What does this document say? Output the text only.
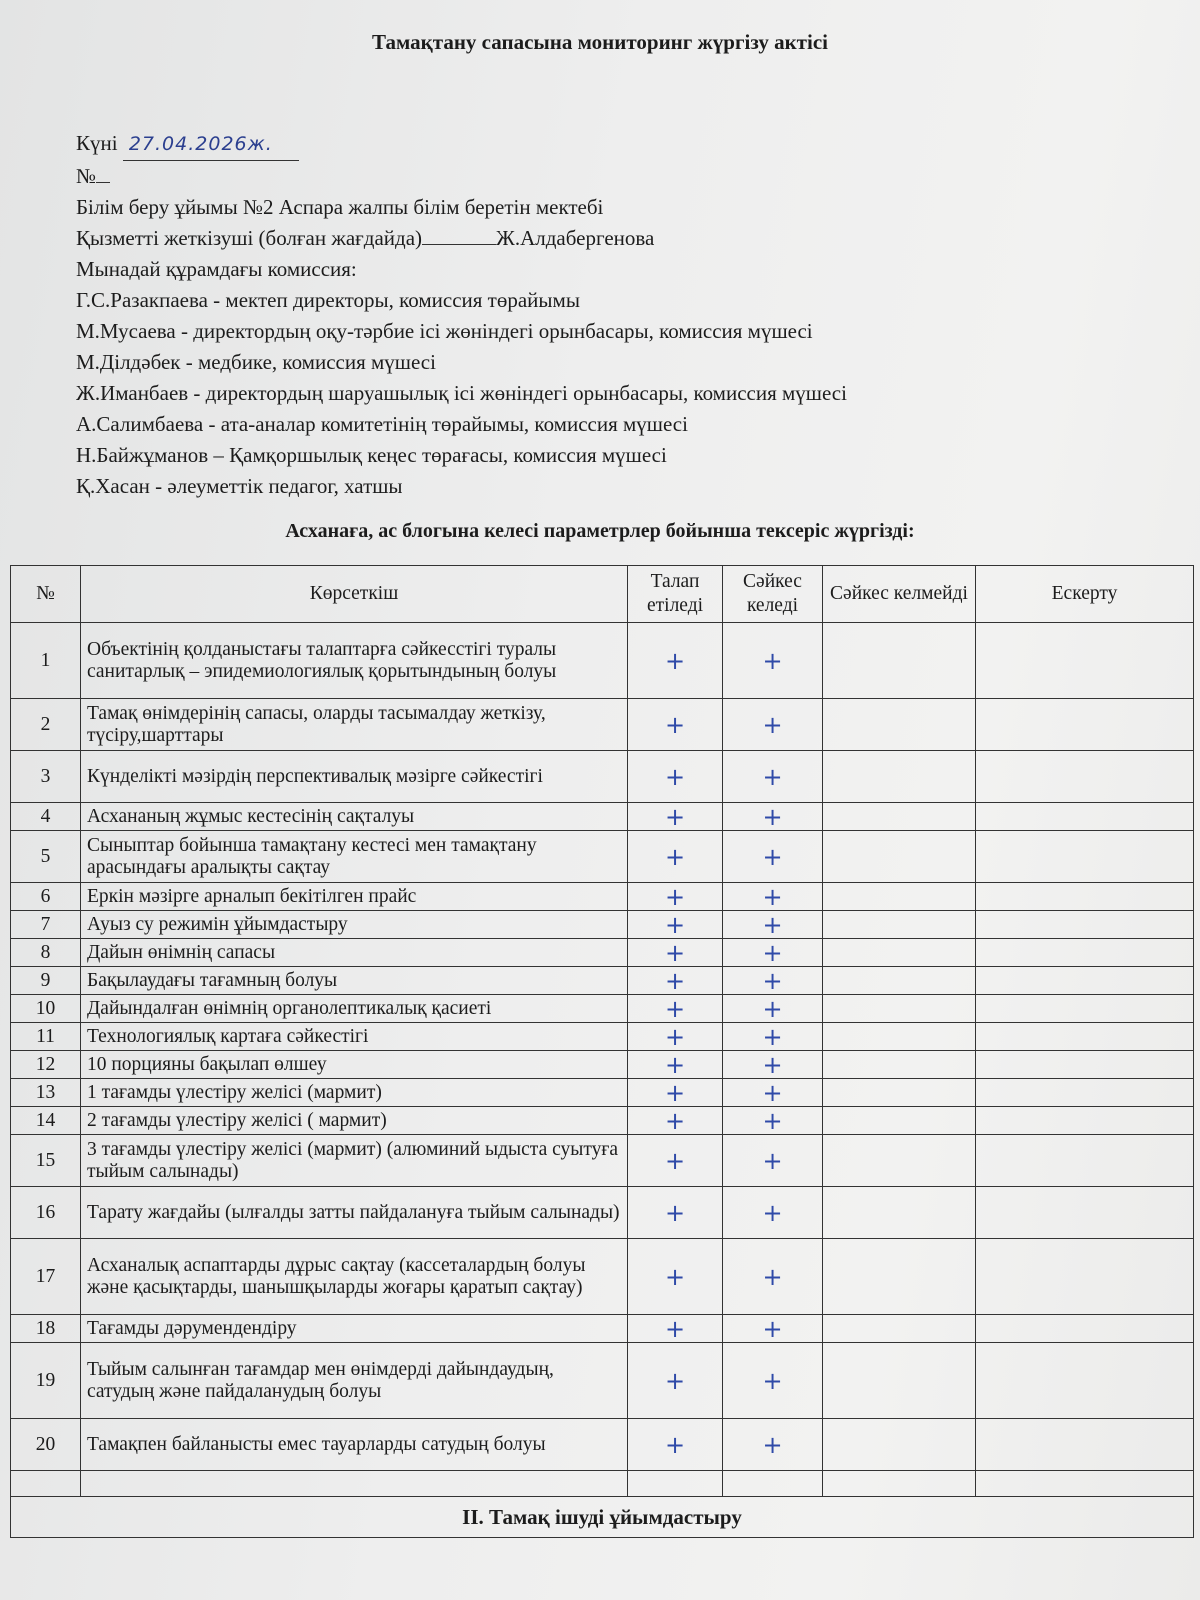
Тамақтану сапасына мониторинг жүргізу актісі
Күні 27.04.2026ж.
№
Білім беру ұйымы №2 Аспара жалпы білім беретін мектебі
Қызметті жеткізуші (болған жағдайда)	Ж.Алдабергенова
Мынадай құрамдағы комиссия:
Г.С.Разакпаева - мектеп директоры, комиссия төрайымы
М.Мусаева - директордың оқу-тәрбие ісі жөніндегі орынбасары, комиссия мүшесі
М.Ділдәбек - медбике, комиссия мүшесі
Ж.Иманбаев - директордың шаруашылық ісі жөніндегі орынбасары, комиссия мүшесі
А.Салимбаева - ата-аналар комитетінің төрайымы, комиссия мүшесі
Н.Байжұманов – Қамқоршылық кеңес төрағасы, комиссия мүшесі
Қ.Хасан - әлеуметтік педагог, хатшы
Асханаға, ас блогына келесі параметрлер бойынша тексеріс жүргізді:
№	Көрсеткіш	Талап етіледі	Сәйкес келеді	Сәйкес келмейді	Ескерту
1	Объектінің қолданыстағы талаптарға сәйкесстігі туралы санитарлық – эпидемиологиялық қорытындының болуы	+	+		
2	Тамақ өнімдерінің сапасы, оларды тасымалдау жеткізу, түсіру,шарттары	+	+		
3	Күнделікті мәзірдің перспективалық мәзірге сәйкестігі	+	+		
4	Асхананың жұмыс кестесінің сақталуы	+	+		
5	Сыныптар бойынша тамақтану кестесі мен тамақтану арасындағы аралықты сақтау	+	+		
6	Еркін мәзірге арналып бекітілген прайс	+	+		
7	Ауыз су режимін ұйымдастыру	+	+		
8	Дайын өнімнің сапасы	+	+		
9	Бақылаудағы тағамның болуы	+	+		
10	Дайындалған өнімнің органолептикалық қасиеті	+	+		
11	Технологиялық картаға сәйкестігі	+	+		
12	10 порцияны бақылап өлшеу	+	+		
13	1 тағамды үлестіру желісі (мармит)	+	+		
14	2 тағамды үлестіру желісі ( мармит)	+	+		
15	3 тағамды үлестіру желісі (мармит) (алюминий ыдыста суытуға тыйым салынады)	+	+		
16	Тарату жағдайы (ылғалды затты пайдалануға тыйым салынады)	+	+		
17	Асханалық аспаптарды дұрыс сақтау (кассеталардың болуы және қасықтарды, шанышқыларды жоғары қаратып сақтау)	+	+		
18	Тағамды дәрумендендіру	+	+		
19	Тыйым салынған тағамдар мен өнімдерді дайындаудың, сатудың және пайдаланудың болуы	+	+		
20	Тамақпен байланысты емес тауарларды сатудың болуы	+	+		

II. Тамақ ішуді ұйымдастыру					
